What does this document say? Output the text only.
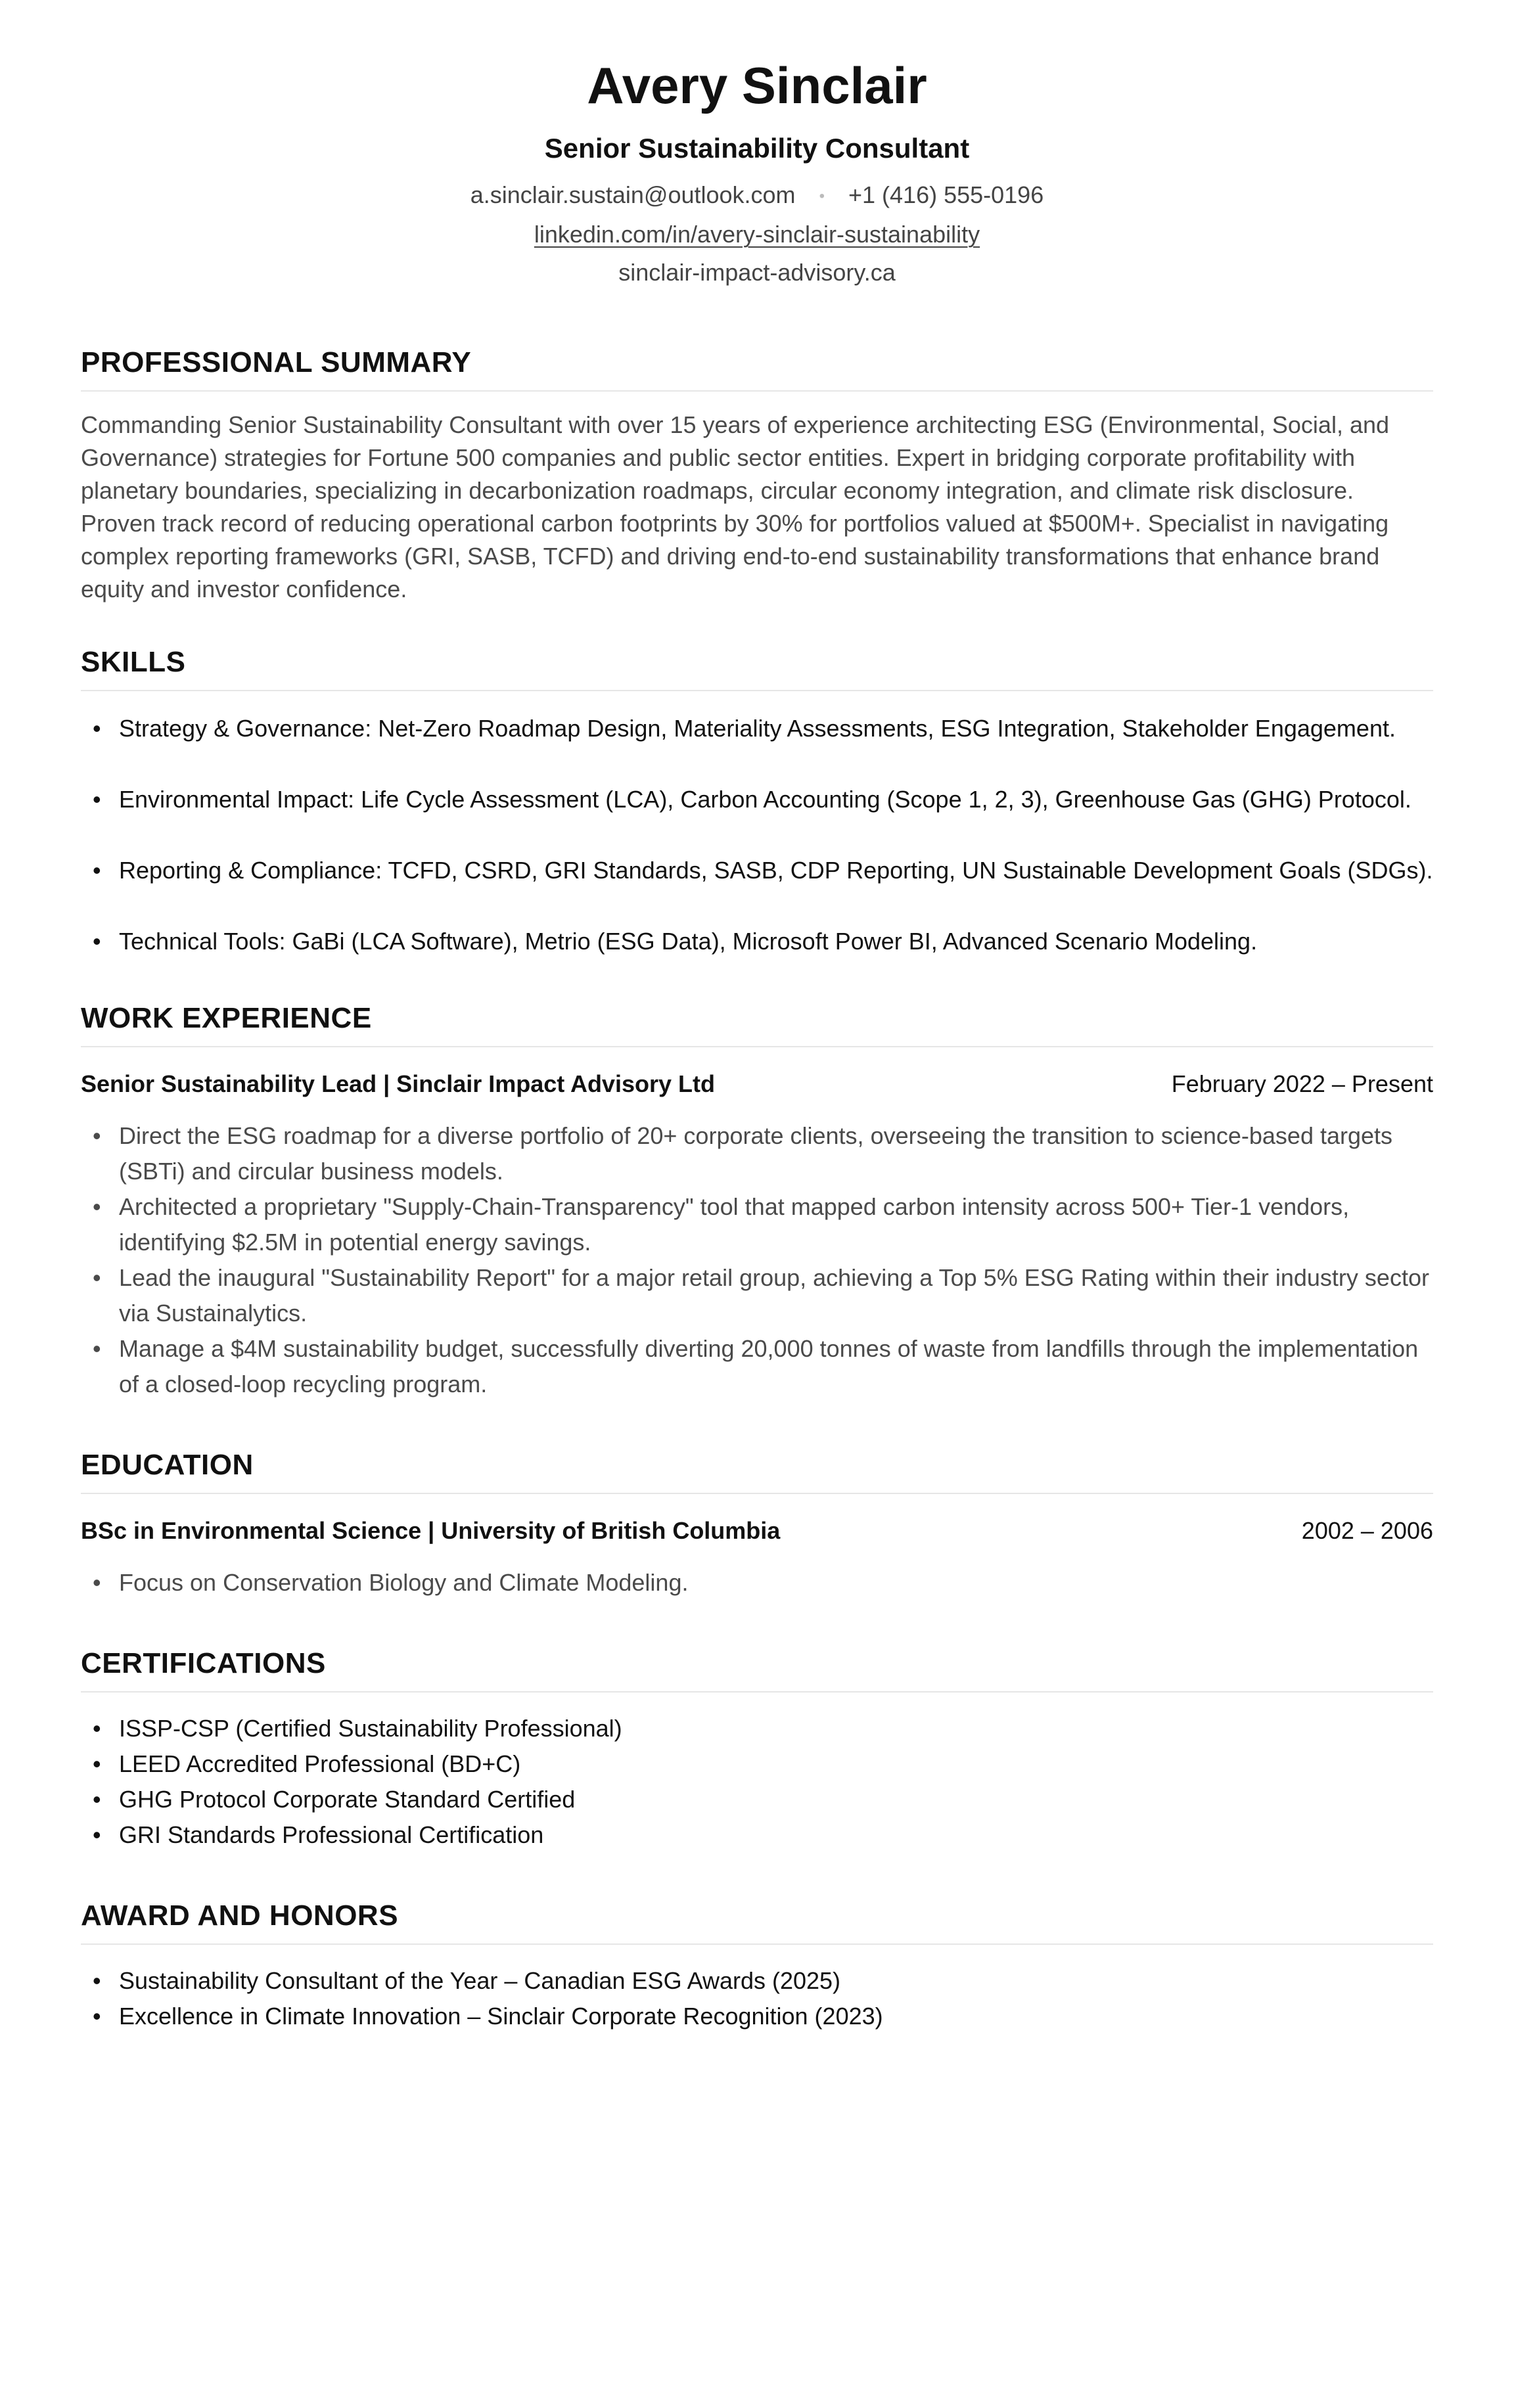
Avery Sinclair
Senior Sustainability Consultant
a.sinclair.sustain@outlook.com • +1 (416) 555-0196
linkedin.com/in/avery-sinclair-sustainability
sinclair-impact-advisory.ca
PROFESSIONAL SUMMARY

Commanding Senior Sustainability Consultant with over 15 years of experience architecting ESG (Environmental, Social, and Governance) strategies for Fortune 500 companies and public sector entities. Expert in bridging corporate profitability with planetary boundaries, specializing in decarbonization roadmaps, circular economy integration, and climate risk disclosure. Proven track record of reducing operational carbon footprints by 30% for portfolios valued at $500M+. Specialist in navigating complex reporting frameworks (GRI, SASB, TCFD) and driving end-to-end sustainability transformations that enhance brand equity and investor confidence.

SKILLS
• Strategy & Governance: Net-Zero Roadmap Design, Materiality Assessments, ESG Integration, Stakeholder Engagement.
• Environmental Impact: Life Cycle Assessment (LCA), Carbon Accounting (Scope 1, 2, 3), Greenhouse Gas (GHG) Protocol.
• Reporting & Compliance: TCFD, CSRD, GRI Standards, SASB, CDP Reporting, UN Sustainable Development Goals (SDGs).
• Technical Tools: GaBi (LCA Software), Metrio (ESG Data), Microsoft Power BI, Advanced Scenario Modeling.
WORK EXPERIENCE
Senior Sustainability Lead | Sinclair Impact Advisory Ltd	February 2022 – Present
• Direct the ESG roadmap for a diverse portfolio of 20+ corporate clients, overseeing the transition to science-based targets (SBTi) and circular business models.
• Architected a proprietary "Supply-Chain-Transparency" tool that mapped carbon intensity across 500+ Tier-1 vendors, identifying $2.5M in potential energy savings.
• Lead the inaugural "Sustainability Report" for a major retail group, achieving a Top 5% ESG Rating within their industry sector via Sustainalytics.
• Manage a $4M sustainability budget, successfully diverting 20,000 tonnes of waste from landfills through the implementation of a closed-loop recycling program.
EDUCATION
BSc in Environmental Science | University of British Columbia	2002 – 2006
• Focus on Conservation Biology and Climate Modeling.
CERTIFICATIONS
• ISSP-CSP (Certified Sustainability Professional)
• LEED Accredited Professional (BD+C)
• GHG Protocol Corporate Standard Certified
• GRI Standards Professional Certification
AWARD AND HONORS
• Sustainability Consultant of the Year – Canadian ESG Awards (2025)
• Excellence in Climate Innovation – Sinclair Corporate Recognition (2023)
